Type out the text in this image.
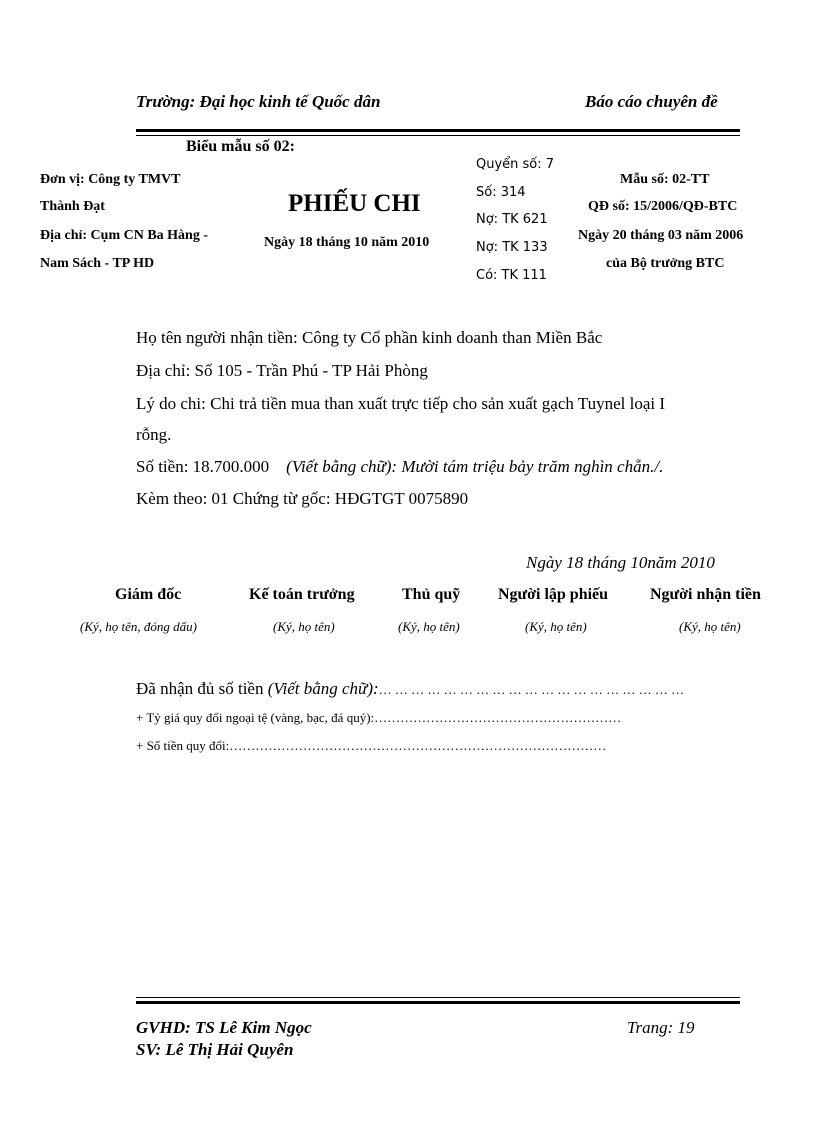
Trường: Đại học kinh tế Quốc dân	Báo cáo chuyên đề
Biểu mẫu số 02:
Đơn vị: Công ty TMVT
Thành Đạt
Địa chỉ: Cụm CN Ba Hàng -
Nam Sách - TP HD
PHIẾU CHI
Ngày 18 tháng 10 năm 2010
Quyển số: 7
Số: 314
Nợ: TK 621
Nợ: TK 133
Có: TK 111
Mẫu số: 02-TT
QĐ số: 15/2006/QĐ-BTC
Ngày 20 tháng 03 năm 2006
của Bộ trưởng BTC
Họ tên người nhận tiền: Công ty Cổ phần kinh doanh than Miền Bắc
Địa chỉ: Số 105 - Trần Phú - TP Hải Phòng
Lý do chi: Chi trả tiền mua than xuất trực tiếp cho sản xuất gạch Tuynel loại I
rỗng.
Số tiền: 18.700.000 (Viết bằng chữ): Mười tám triệu bảy trăm nghìn chẵn./.
Kèm theo: 01 Chứng từ gốc: HĐGTGT 0075890
Ngày 18 tháng 10năm 2010
Giám đốc
(Ký, họ tên, đóng dấu)
Kế toán trưởng
(Ký, họ tên)
Thủ quỹ
(Ký, họ tên)
Người lập phiếu
(Ký, họ tên)
Người nhận tiền
(Ký, họ tên)
Đã nhận đủ số tiền (Viết bằng chữ):… … … … … … … … … … … … … … … … … … …
+ Tỷ giá quy đổi ngoại tệ (vàng, bạc, đá quý):…………………………………………………
+ Số tiền quy đổi:……………………………………………………………………………
GVHD: TS Lê Kim Ngọc
SV: Lê Thị Hải Quyên
Trang: 19
